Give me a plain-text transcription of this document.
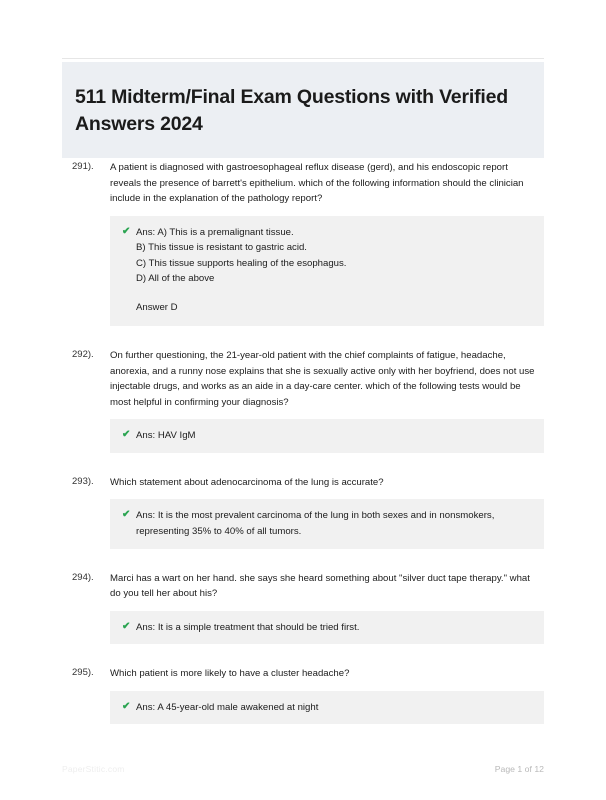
511 Midterm/Final Exam Questions with Verified Answers 2024
291).	A patient is diagnosed with gastroesophageal reflux disease (gerd), and his endoscopic report reveals the presence of barrett's epithelium. which of the following information should the clinician include in the explanation of the pathology report?
✔ Ans: A) This is a premalignant tissue.
B) This tissue is resistant to gastric acid.
C) This tissue supports healing of the esophagus.
D) All of the above
Answer D
292).	On further questioning, the 21-year-old patient with the chief complaints of fatigue, headache, anorexia, and a runny nose explains that she is sexually active only with her boyfriend, does not use injectable drugs, and works as an aide in a day-care center. which of the following tests would be most helpful in confirming your diagnosis?
✔ Ans: HAV IgM
293).	Which statement about adenocarcinoma of the lung is accurate?
✔ Ans: It is the most prevalent carcinoma of the lung in both sexes and in nonsmokers, representing 35% to 40% of all tumors.
294).	Marci has a wart on her hand. she says she heard something about "silver duct tape therapy." what do you tell her about his?
✔ Ans: It is a simple treatment that should be tried first.
295).	Which patient is more likely to have a cluster headache?
✔ Ans: A 45-year-old male awakened at night
PaperStitic.com	Page 1 of 12
